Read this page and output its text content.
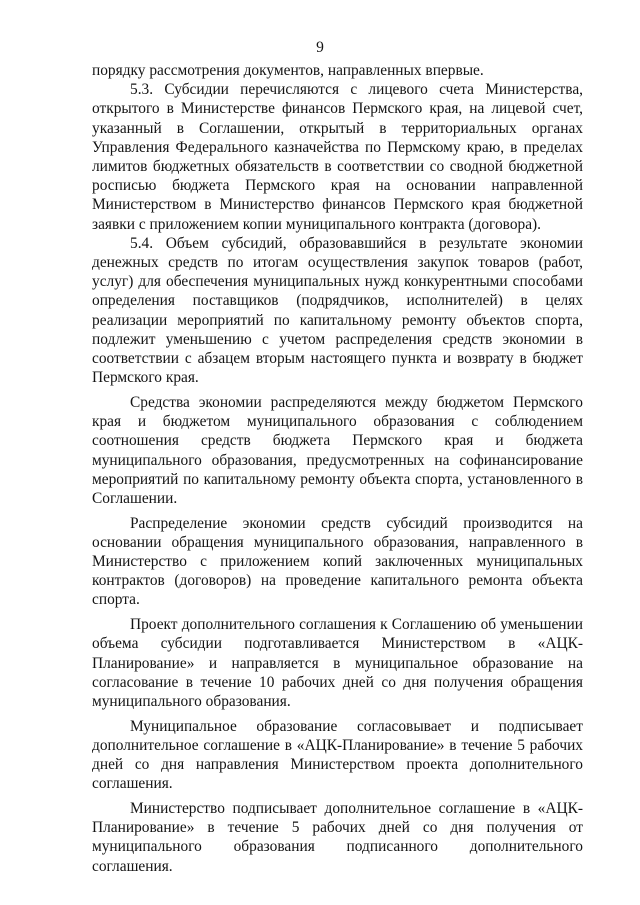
9

порядку рассмотрения документов, направленных впервые.

5.3. Субсидии перечисляются с лицевого счета Министерства, открытого в Министерстве финансов Пермского края, на лицевой счет, указанный в Соглашении, открытый в территориальных органах Управления Федерального казначейства по Пермскому краю, в пределах лимитов бюджетных обязательств в соответствии со сводной бюджетной росписью бюджета Пермского края на основании направленной Министерством в Министерство финансов Пермского края бюджетной заявки с приложением копии муниципального контракта (договора).

5.4. Объем субсидий, образовавшийся в результате экономии денежных средств по итогам осуществления закупок товаров (работ, услуг) для обеспечения муниципальных нужд конкурентными способами определения поставщиков (подрядчиков, исполнителей) в целях реализации мероприятий по капитальному ремонту объектов спорта, подлежит уменьшению с учетом распределения средств экономии в соответствии с абзацем вторым настоящего пункта и возврату в бюджет Пермского края.

Средства экономии распределяются между бюджетом Пермского края и бюджетом муниципального образования с соблюдением соотношения средств бюджета Пермского края и бюджета муниципального образования, предусмотренных на софинансирование мероприятий по капитальному ремонту объекта спорта, установленного в Соглашении.

Распределение экономии средств субсидий производится на основании обращения муниципального образования, направленного в Министерство с приложением копий заключенных муниципальных контрактов (договоров) на проведение капитального ремонта объекта спорта.

Проект дополнительного соглашения к Соглашению об уменьшении объема субсидии подготавливается Министерством в «АЦК-Планирование» и направляется в муниципальное образование на согласование в течение 10 рабочих дней со дня получения обращения муниципального образования.

Муниципальное образование согласовывает и подписывает дополнительное соглашение в «АЦК-Планирование» в течение 5 рабочих дней со дня направления Министерством проекта дополнительного соглашения.

Министерство подписывает дополнительное соглашение в «АЦК-Планирование» в течение 5 рабочих дней со дня получения от муниципального образования подписанного дополнительного соглашения.
